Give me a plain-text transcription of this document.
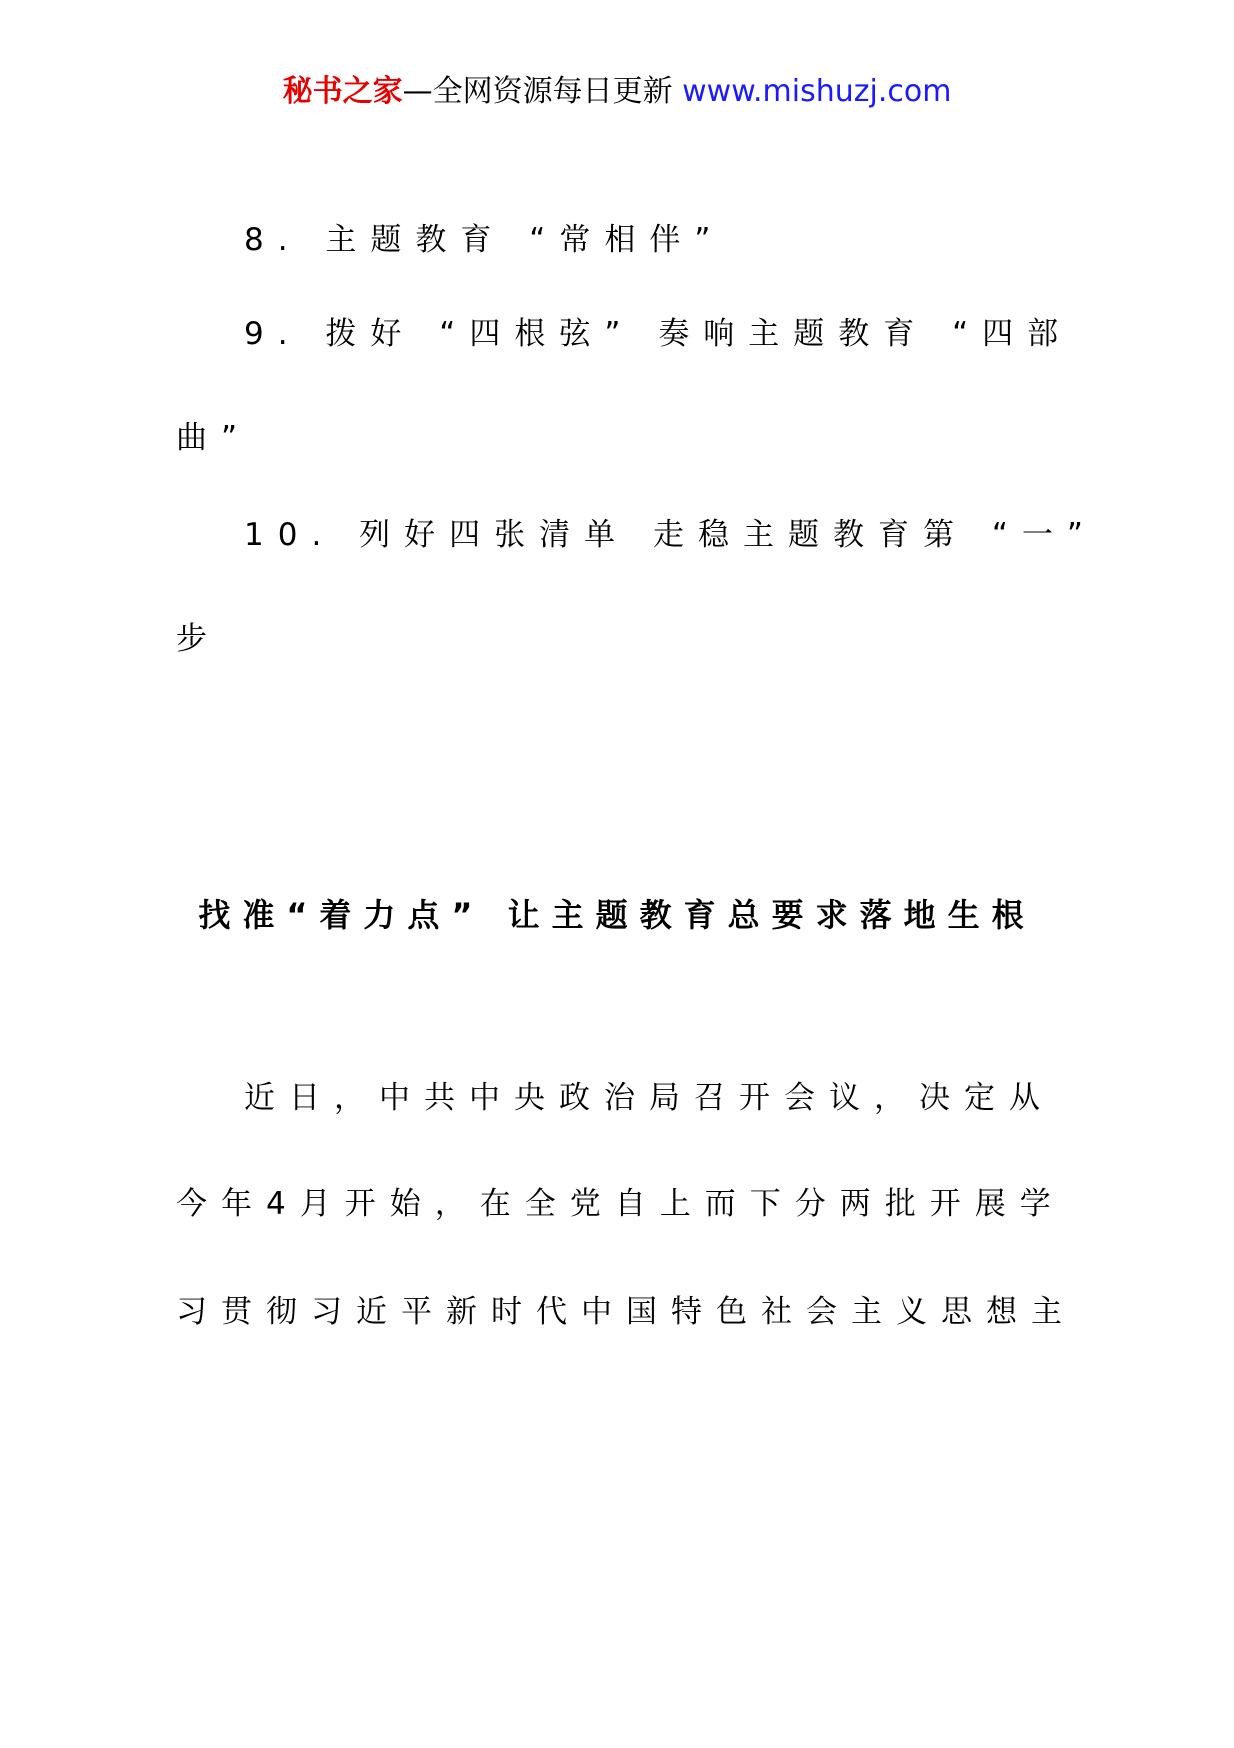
秘书之家—全网资源每日更新 www.mishuzj.com
8. 主题教育 “常相伴”
9. 拨好 “四根弦” 奏响主题教育 “四部
曲”
10. 列好四张清单 走稳主题教育第 “一”
步
找准“着力点” 让主题教育总要求落地生根
近日，中共中央政治局召开会议，决定从
今年4月开始，在全党自上而下分两批开展学
习贯彻习近平新时代中国特色社会主义思想主
